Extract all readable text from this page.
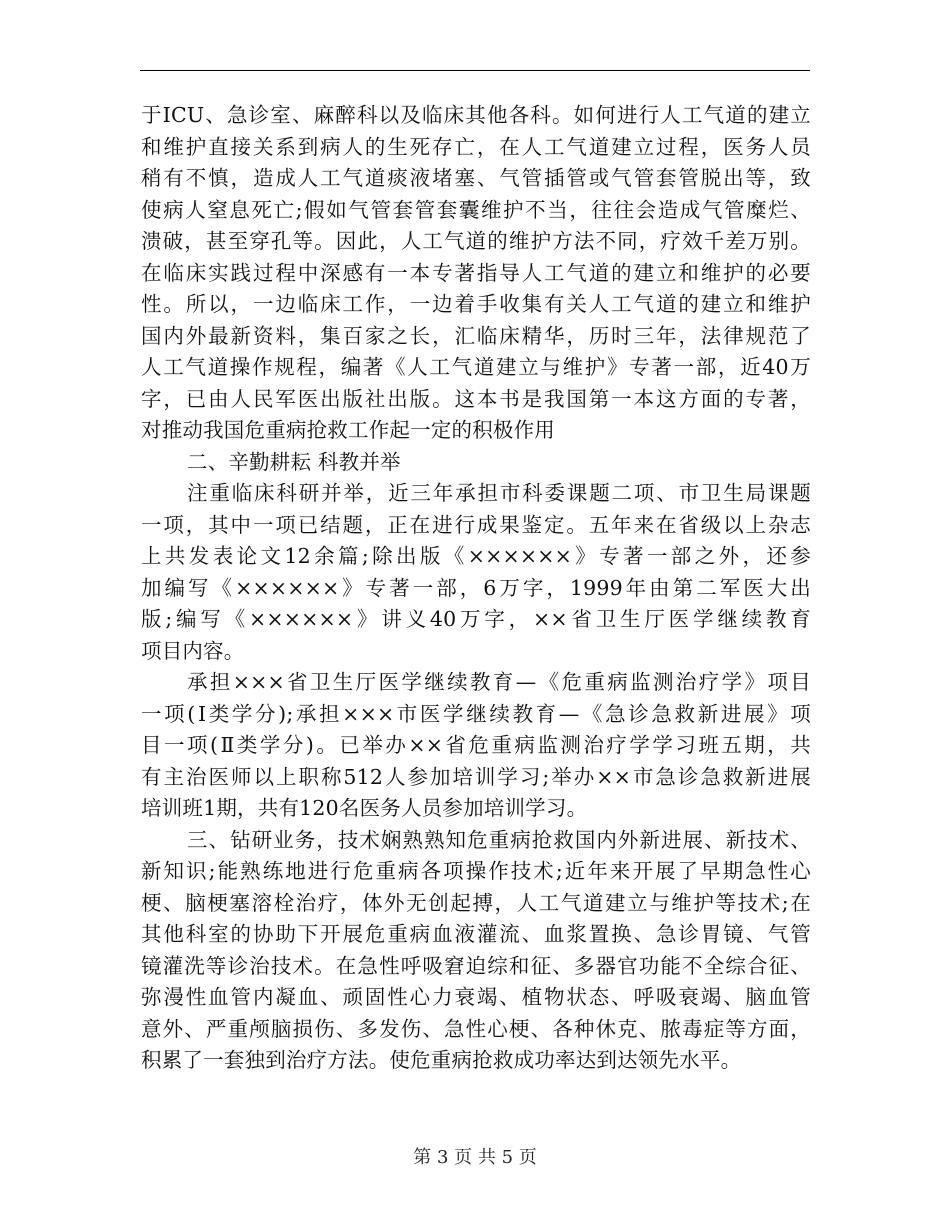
于ICU、急诊室、麻醉科以及临床其他各科。如何进行人工气道的建立
和维护直接关系到病人的生死存亡，在人工气道建立过程，医务人员
稍有不慎，造成人工气道痰液堵塞、气管插管或气管套管脱出等，致
使病人窒息死亡;假如气管套管套囊维护不当，往往会造成气管糜烂、
溃破，甚至穿孔等。因此，人工气道的维护方法不同，疗效千差万别。
在临床实践过程中深感有一本专著指导人工气道的建立和维护的必要
性。所以，一边临床工作，一边着手收集有关人工气道的建立和维护
国内外最新资料，集百家之长，汇临床精华，历时三年，法律规范了
人工气道操作规程，编著《人工气道建立与维护》专著一部，近40万
字，已由人民军医出版社出版。这本书是我国第一本这方面的专著，
对推动我国危重病抢救工作起一定的积极作用
二、辛勤耕耘 科教并举
注重临床科研并举，近三年承担市科委课题二项、市卫生局课题
一项，其中一项已结题，正在进行成果鉴定。五年来在省级以上杂志
上共发表论文12余篇;除出版《××××××》专著一部之外，还参
加编写《××××××》专著一部，6万字，1999年由第二军医大出
版;编写《××××××》讲义40万字，××省卫生厅医学继续教育
项目内容。
承担×××省卫生厅医学继续教育—《危重病监测治疗学》项目
一项(Ⅰ类学分);承担×××市医学继续教育—《急诊急救新进展》项
目一项(Ⅱ类学分)。已举办××省危重病监测治疗学学习班五期，共
有主治医师以上职称512人参加培训学习;举办××市急诊急救新进展
培训班1期，共有120名医务人员参加培训学习。
三、钻研业务，技术娴熟熟知危重病抢救国内外新进展、新技术、
新知识;能熟练地进行危重病各项操作技术;近年来开展了早期急性心
梗、脑梗塞溶栓治疗，体外无创起搏，人工气道建立与维护等技术;在
其他科室的协助下开展危重病血液灌流、血浆置换、急诊胃镜、气管
镜灌洗等诊治技术。在急性呼吸窘迫综和征、多器官功能不全综合征、
弥漫性血管内凝血、顽固性心力衰竭、植物状态、呼吸衰竭、脑血管
意外、严重颅脑损伤、多发伤、急性心梗、各种休克、脓毒症等方面，
积累了一套独到治疗方法。使危重病抢救成功率达到达领先水平。
第 3 页 共 5 页
